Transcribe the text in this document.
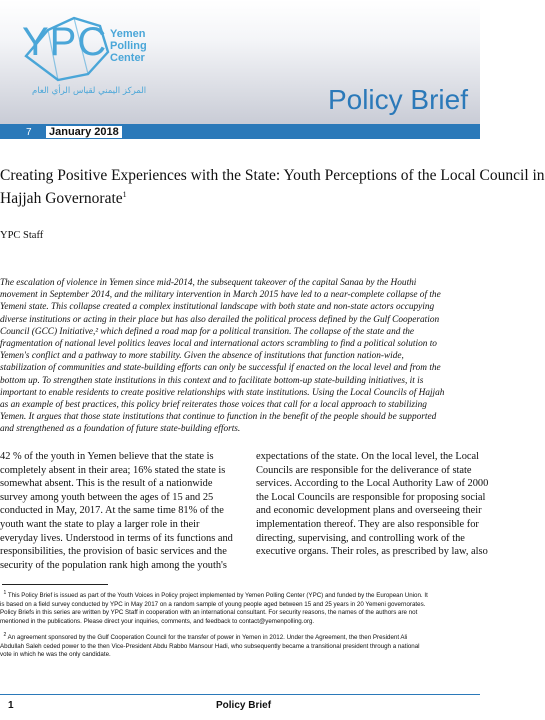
YPC Yemen
Polling
Center
المركز اليمني لقياس الرأي العام	Policy Brief
7 January 2018
Creating Positive Experiences with the State: Youth Perceptions of the Local Council in
Hajjah Governorate$^1$
YPC Staff
The escalation of violence in Yemen since mid-2014, the subsequent takeover of the capital Sanaa by the Houthi
movement in September 2014, and the military intervention in March 2015 have led to a near-complete collapse of the
Yemeni state. This collapse created a complex institutional landscape with both state and non-state actors occupying
diverse institutions or acting in their place but has also derailed the political process defined by the Gulf Cooperation
Council (GCC) Initiative,² which defined a road map for a political transition. The collapse of the state and the
fragmentation of national level politics leaves local and international actors scrambling to find a political solution to
Yemen's conflict and a pathway to more stability. Given the absence of institutions that function nation-wide,
stabilization of communities and state-building efforts can only be successful if enacted on the local level and from the
bottom up. To strengthen state institutions in this context and to facilitate bottom-up state-building initiatives, it is
important to enable residents to create positive relationships with state institutions. Using the Local Councils of Hajjah
as an example of best practices, this policy brief reiterates those voices that call for a local approach to stabilizing
Yemen. It argues that those state institutions that continue to function in the benefit of the people should be supported
and strengthened as a foundation of future state-building efforts.
42 % of the youth in Yemen believe that the state is
completely absent in their area; 16% stated the state is
somewhat absent. This is the result of a nationwide
survey among youth between the ages of 15 and 25
conducted in May, 2017. At the same time 81% of the
youth want the state to play a larger role in their
everyday lives. Understood in terms of its functions and
responsibilities, the provision of basic services and the
security of the population rank high among the youth's
expectations of the state. On the local level, the Local
Councils are responsible for the deliverance of state
services. According to the Local Authority Law of 2000
the Local Councils are responsible for proposing social
and economic development plans and overseeing their
implementation thereof. They are also responsible for
directing, supervising, and controlling work of the
executive organs. Their roles, as prescribed by law, also
$^1$ This Policy Brief is issued as part of the Youth Voices in Policy project implemented by Yemen Polling Center (YPC) and funded by the European Union. It
is based on a field survey conducted by YPC in May 2017 on a random sample of young people aged between 15 and 25 years in 20 Yemeni governorates.
Policy Briefs in this series are written by YPC Staff in cooperation with an international consultant. For security reasons, the names of the authors are not
mentioned in the publications. Please direct your inquiries, comments, and feedback to contact@yemenpolling.org.
$^2$ An agreement sponsored by the Gulf Cooperation Council for the transfer of power in Yemen in 2012. Under the Agreement, the then President Ali
Abdullah Saleh ceded power to the then Vice-President Abdu Rabbo Mansour Hadi, who subsequently became a transitional president through a national
vote in which he was the only candidate.
1	Policy Brief
